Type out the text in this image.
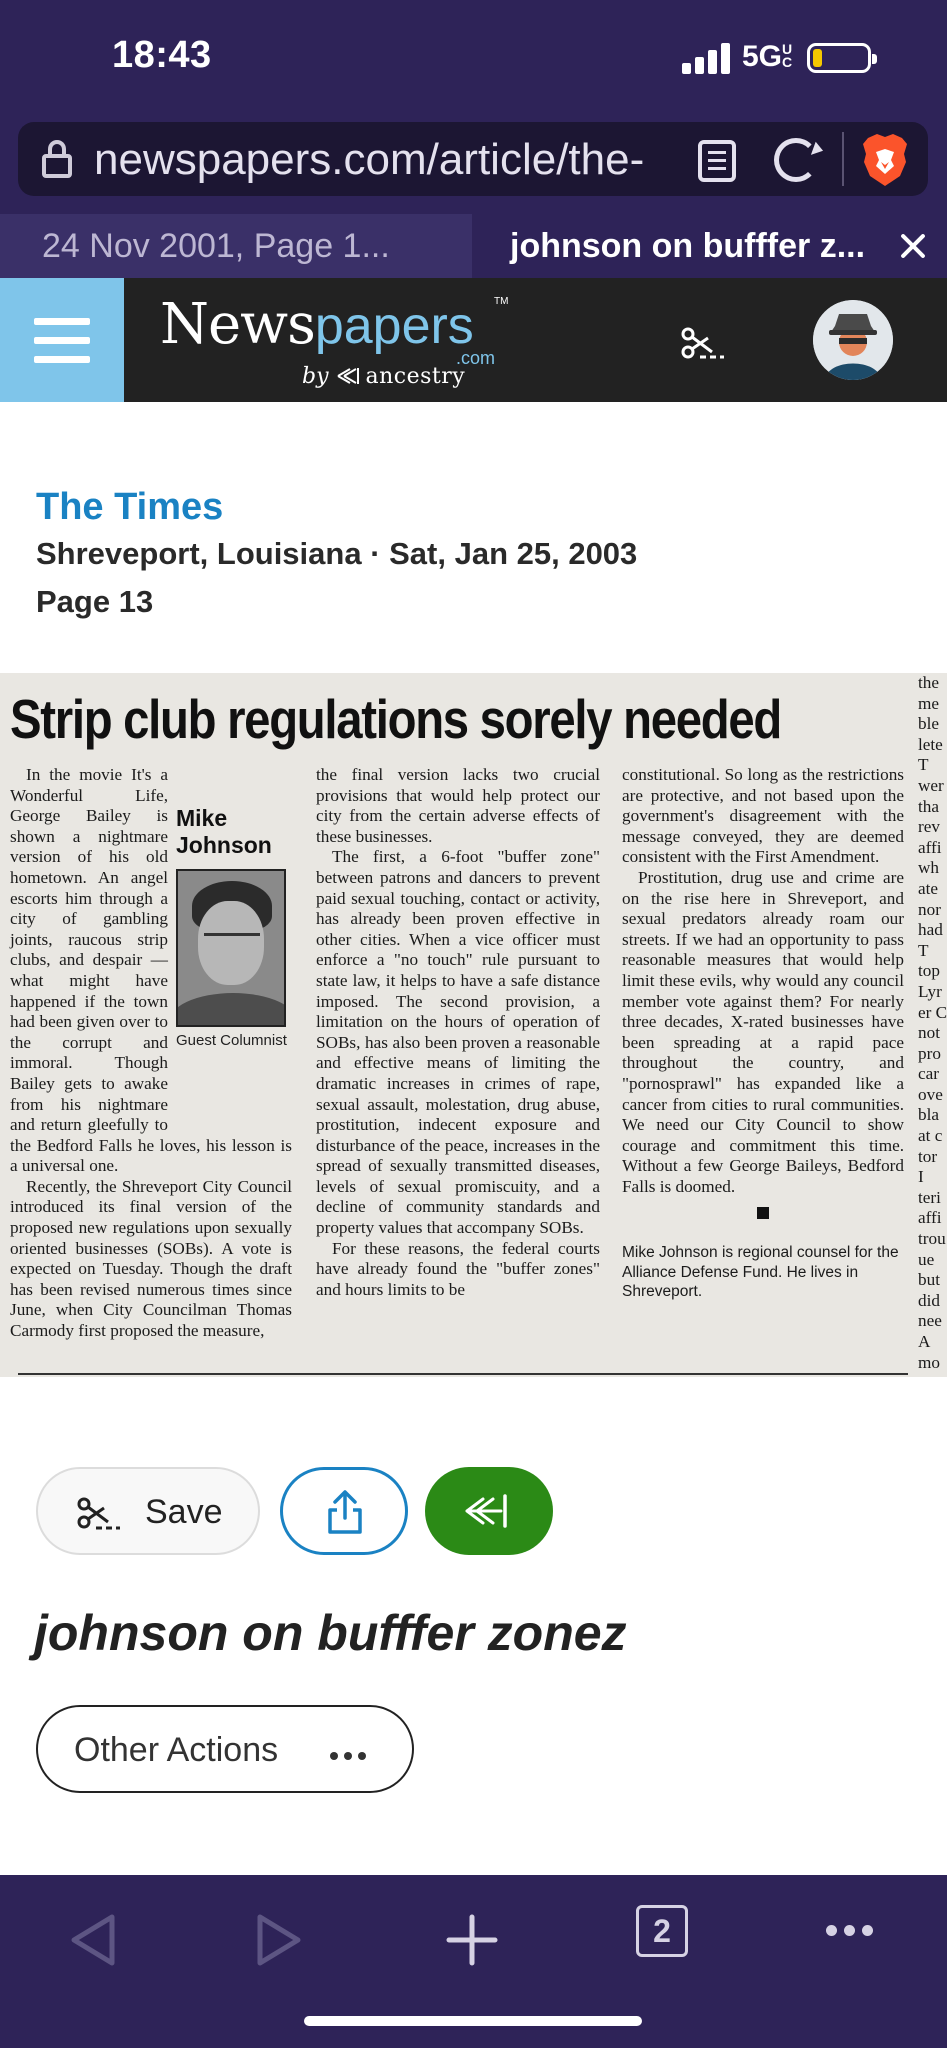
18:43	5GUC
newspapers.com/article/the-
24 Nov 2001, Page 1...	johnson on bufffer z...
Newspapers	TM
.com
by ancestry
The Times
Shreveport, Louisiana · Sat, Jan 25, 2003
Page 13
Strip club regulations sorely needed
Mike
Johnson
Guest Columnist

In the movie It's a Wonderful Life, George Bailey is shown a nightmare version of his old hometown. An angel escorts him through a city of gambling joints, raucous strip clubs, and despair — what might have happened if the town had been given over to the corrupt and immoral. Though Bailey gets to awake from his nightmare and return gleefully to the Bedford Falls he loves, his lesson is a universal one.

Recently, the Shreveport City Council introduced its final version of the proposed new regulations upon sexually oriented businesses (SOBs). A vote is expected on Tuesday. Though the draft has been revised numerous times since June, when City Councilman Thomas Carmody first proposed the measure,

the final version lacks two crucial provisions that would help protect our city from the certain adverse effects of these businesses.

The first, a 6-foot "buffer zone" between patrons and dancers to prevent paid sexual touching, contact or activity, has already been proven effective in other cities. When a vice officer must enforce a "no touch" rule pursuant to state law, it helps to have a safe distance imposed. The second provision, a limitation on the hours of operation of SOBs, has also been proven a reasonable and effective means of limiting the dramatic increases in crimes of rape, sexual assault, molestation, drug abuse, prostitution, indecent exposure and disturbance of the peace, increases in the spread of sexually transmitted diseases, levels of sexual promiscuity, and a decline of community standards and property values that accompany SOBs.

For these reasons, the federal courts have already found the "buffer zones" and hours limits to be

constitutional. So long as the restrictions are protective, and not based upon the government's disagreement with the message conveyed, they are deemed consistent with the First Amendment.

Prostitution, drug use and crime are on the rise here in Shreveport, and sexual predators already roam our streets. If we had an opportunity to pass reasonable measures that would help limit these evils, why would any council member vote against them? For nearly three decades, X-rated businesses have been spreading at a rapid pace throughout the country, and "pornosprawl" has expanded like a cancer from cities to rural communities. We need our City Council to show courage and commitment this time. Without a few George Baileys, Bedford Falls is doomed.

Mike Johnson is regional counsel for the Alliance Defense Fund. He lives in Shreveport.

the
me
ble
lete
T
wer
tha
rev
affi
wh
ate
nor
had
T
top
Lyr
er C
not
pro
car
ove
bla
at c
tor
I
teri
affi
trou
ue
but
did
nee
A
mo
Save
johnson on bufffer zonez
Other Actions
2
